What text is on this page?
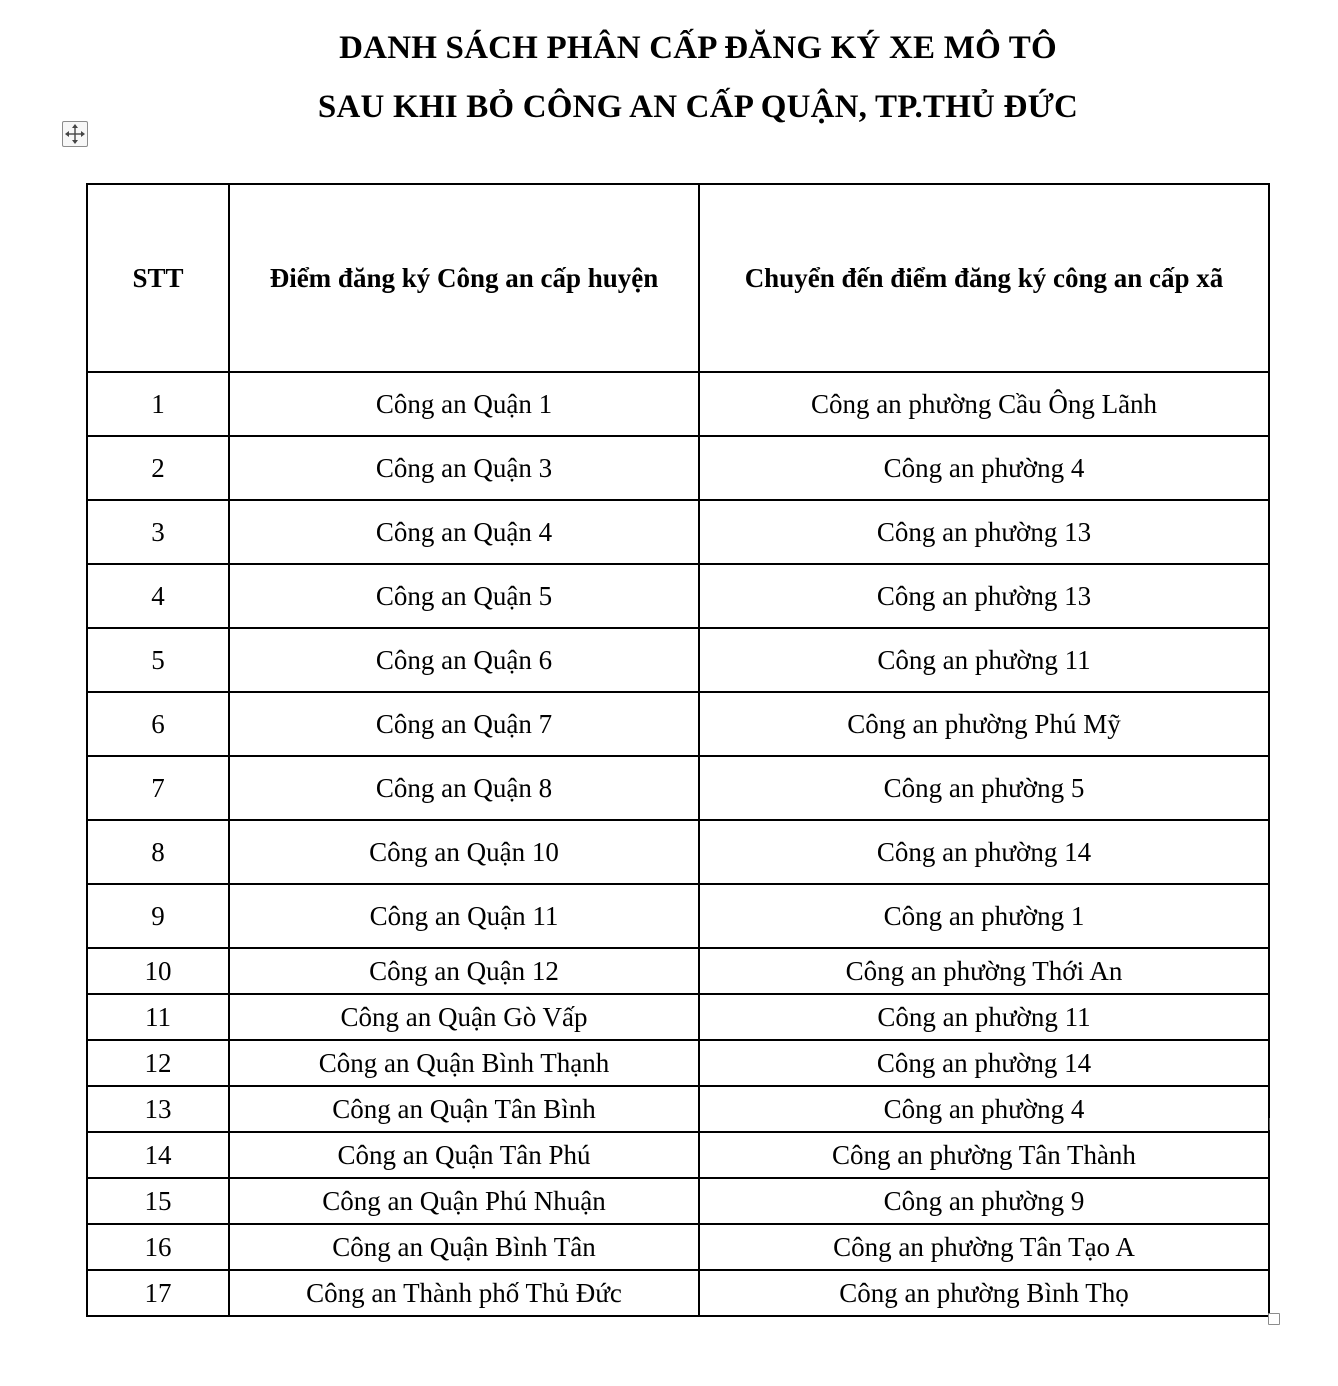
DANH SÁCH PHÂN CẤP ĐĂNG KÝ XE MÔ TÔ
SAU KHI BỎ CÔNG AN CẤP QUẬN, TP.THỦ ĐỨC
STT	Điểm đăng ký Công an cấp huyện	Chuyển đến điểm đăng ký công an cấp xã
1	Công an Quận 1	Công an phường Cầu Ông Lãnh
2	Công an Quận 3	Công an phường 4
3	Công an Quận 4	Công an phường 13
4	Công an Quận 5	Công an phường 13
5	Công an Quận 6	Công an phường 11
6	Công an Quận 7	Công an phường Phú Mỹ
7	Công an Quận 8	Công an phường 5
8	Công an Quận 10	Công an phường 14
9	Công an Quận 11	Công an phường 1
10	Công an Quận 12	Công an phường Thới An
11	Công an Quận Gò Vấp	Công an phường 11
12	Công an Quận Bình Thạnh	Công an phường 14
13	Công an Quận Tân Bình	Công an phường 4
14	Công an Quận Tân Phú	Công an phường Tân Thành
15	Công an Quận Phú Nhuận	Công an phường 9
16	Công an Quận Bình Tân	Công an phường Tân Tạo A
17	Công an Thành phố Thủ Đức	Công an phường Bình Thọ
